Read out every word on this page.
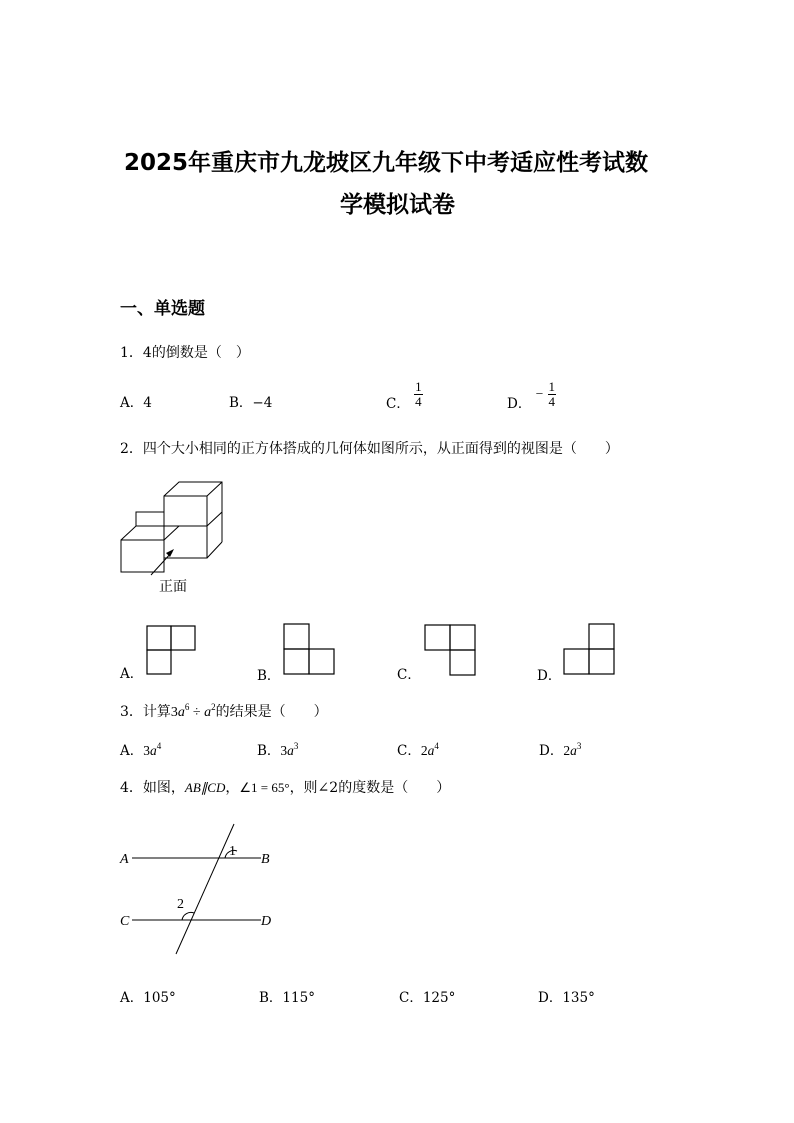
2025年重庆市九龙坡区九年级下中考适应性考试数
学模拟试卷
一、单选题
1．4的倒数是（　）
A．4	B．−4	C． $\frac{1}{4}$	D． − $\frac{1}{4}$
2．四个大小相同的正方体搭成的几何体如图所示，从正面得到的视图是（　　）
正面
A．	B．	C．	D．
3．计算$3a^6 \div a^2$的结果是（　　）
A．$3a^4$	B．$3a^3$	C．$2a^4$	D．$2a^3$
4．如图，AB∥CD，∠1 = 65°，则∠2的度数是（　　）
A	B
C	D
1
2
A．105°	B．115°	C．125°	D．135°
